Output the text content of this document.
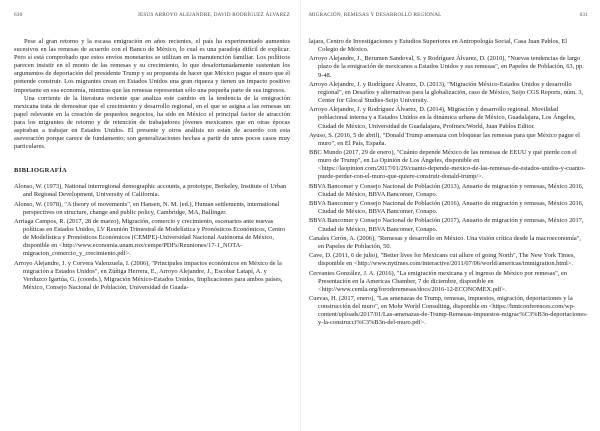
630	JESÚS ARROYO ALEJANDRE, DAVID RODRÍGUEZ ÁLVAREZ

Pese al gran retorno y la escasa emigración en años recientes, el país ha experimentado aumentos sucesivos en las remesas de acuerdo con el Banco de México, lo cual es una paradoja difícil de explicar. Pero sí está comprobado que estos envíos monetarios se utilizan en la manutención familiar. Los políticos parecen insistir en el monto de las remesas y su crecimiento, lo que desafortunadamente sustentan los argumentos de deportación del presidente Trump y su propuesta de hacer que México pague el muro que él pretende construir. Los migrantes crean en Estados Unidos una gran riqueza y tienen un impacto positivo importante en esa economía, mientras que las remesas representan sólo una pequeña parte de sus ingresos.

Una corriente de la literatura reciente que analiza este cambio en la tendencia de la emigración mexicana trata de demostrar que el crecimiento y desarrollo regional, en el que se asigna a las remesas un papel relevante en la creación de pequeños negocios, ha sido en México el principal factor de atracción para los migrantes de retorno y de retención de trabajadores jóvenes mexicanos que en otras épocas aspiraban a trabajar en Estados Unidos. El presente y otros análisis no están de acuerdo con esta aseveración porque carece de fundamento; son generalizaciones hechas a partir de unos pocos casos muy particulares.

BIBLIOGRAFÍA

Alonso, W. (1973), National interregional demographic accounts, a prototype, Berkeley, Institute of Urban and Regional Development, University of California.

Alonso, W. (1978), "A theory of movements", en Hansen, N. M. (ed.), Human settlements, international perspectives on structure, change and public policy, Cambridge, MA, Ballinger.

Arriaga Campos, R. (2017, 28 de marzo), Migración, comercio y crecimiento, escenarios ante nuevas políticas en Estados Unidos, LV Reunión Trimestral de Modelística y Pronósticos Económicos, Centro de Modelística y Pronósticos Económicos (CEMPE)-Universidad Nacional Autónoma de México, disponible en <http://www.economia.unam.mx/cempe/PDFs/Reuniones/17-1_NOTA-migracion_comercio_y_crecimiento.pdf>.

Arroyo Alejandre, J. y Corvera Valenzuela, I. (2006), "Principales impactos económicos en México de la migración a Estados Unidos", en Zúñiga Herrera, E., Arroyo Alejandre, J., Escobar Latapí, A. y Verduzco Igartúa, G. (coords.), Migración México-Estados Unidos, Implicaciones para ambos países, México, Consejo Nacional de Población, Universidad de Guada-

MIGRACIÓN, REMESAS Y DESARROLLO REGIONAL	631

lajara, Centro de Investigaciones y Estudios Superiores en Antropología Social, Casa Juan Pablos, El Colegio de México.

Arroyo Alejandre, J., Berumen Sandoval, S. y Rodríguez Álvarez, D. (2010), "Nuevas tendencias de largo plazo de la emigración de mexicanos a Estados Unidos y sus remesas", en Papeles de Población, 63, pp. 9-48.

Arroyo Alejandre, J. y Rodríguez Álvarez, D. (2013), "Migración México-Estados Unidos y desarrollo regional", en Desafíos y alternativas para la globalización, caso de México, Seijo CGS Reports, núm. 3, Center for Glocal Studies-Seijo University.

Arroyo Alejandre, J. y Rodríguez Álvarez, D. (2014), Migración y desarrollo regional. Movilidad poblacional interna y a Estados Unidos en la dinámica urbana de México, Guadalajara, Los Ángeles, Ciudad de México, Universidad de Guadalajara, Profmex/World, Juan Pablos Editor.

Ayuso, S. (2016, 5 de abril), "Donald Trump amenaza con bloquear las remesas para que México pague el muro", en El País, España.

BBC Mundo (2017, 29 de enero), "Cuánto depende México de las remesas de EEUU y qué pierde con el muro de Trump", en La Opinión de Los Ángeles, disponible en <https://laopinion.com/2017/01/29/cuanto-depende-mexico-de-las-remesas-de-estados-unidos-y-cuanto-puede-perder-con-el-muro-que-quiere-construir-donald-trump/>.

BBVA Bancomer y Consejo Nacional de Población (2013), Anuario de migración y remesas, México 2016, Ciudad de México, BBVA Bancomer, Conapo.

BBVA Bancomer y Consejo Nacional de Población (2016), Anuario de migración y remesas, México 2016, Ciudad de México, BBVA Bancomer, Conapo.

BBVA Bancomer y Consejo Nacional de Población (2017), Anuario de migración y remesas, México 2017, Ciudad de México, BBVA Bancomer, Conapo.

Canales Cerón, A. (2006), "Remesas y desarrollo en México. Una visión crítica desde la macroeconomía", en Papeles de Población, 50.

Cave, D. (2011, 6 de julio), "Better lives for Mexicans cut allure of going North", The New York Times, disponible en <http://www.nytimes.com/interactive/2011/07/06/world/americas/immigration.html>.

Cervantes González, J. A. (2016), "La emigración mexicana y el ingreso de México por remesas", en Presentación en la Americas Chamber, 7 de diciembre, disponible en <http://www.cemla.org/foroderemesas/docs/2016-12-ECONOMEX.pdf>.

Cuevas, H. (2017, enero), "Las amenazas de Trump, remesas, impuestos, migración, deportaciones y la construcción del muro", en Mohr World Consulting, disponible en <https://hmtconferences.com/wp-content/uploads/2017/01/Las-amenazas-de-Trump-Remesas-impuestos-migrac%C3%B3n-deportaciones-y-la-construcci%C3%B3n-del-muro.pdf>.
